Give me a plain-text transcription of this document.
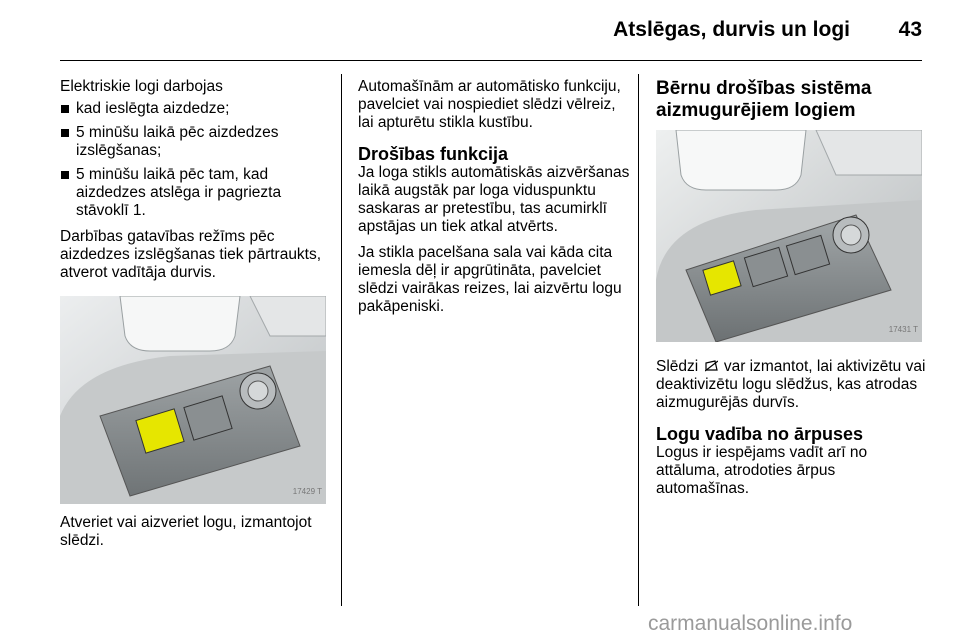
Atslēgas, durvis un logi	43

Elektriskie logi darbojas

kad ieslēgta aizdedze;
5 minūšu laikā pēc aizdedzes izslēgšanas;
5 minūšu laikā pēc tam, kad aizdedzes atslēga ir pagriezta stāvoklī 1.

Darbības gatavības režīms pēc aizdedzes izslēgšanas tiek pārtraukts, atverot vadītāja durvis.

17429 T

Atveriet vai aizveriet logu, izmantojot slēdzi.

Automašīnām ar automātisko funkciju, pavelciet vai nospiediet slēdzi vēlreiz, lai apturētu stikla kustību.

Drošības funkcija

Ja loga stikls automātiskās aizvēršanas laikā augstāk par loga viduspunktu saskaras ar pretestību, tas acumirklī apstājas un tiek atkal atvērts.

Ja stikla pacelšana sala vai kāda cita iemesla dēļ ir apgrūtināta, pavelciet slēdzi vairākas reizes, lai aizvērtu logu pakāpeniski.

Bērnu drošības sistēma aizmugurējiem logiem
17431 T

Slēdzi var izmantot, lai aktivizētu vai deaktivizētu logu slēdžus, kas atrodas aizmugurējās durvīs.

Logu vadība no ārpuses

Logus ir iespējams vadīt arī no attāluma, atrodoties ārpus automašīnas.

carmanualsonline.info
